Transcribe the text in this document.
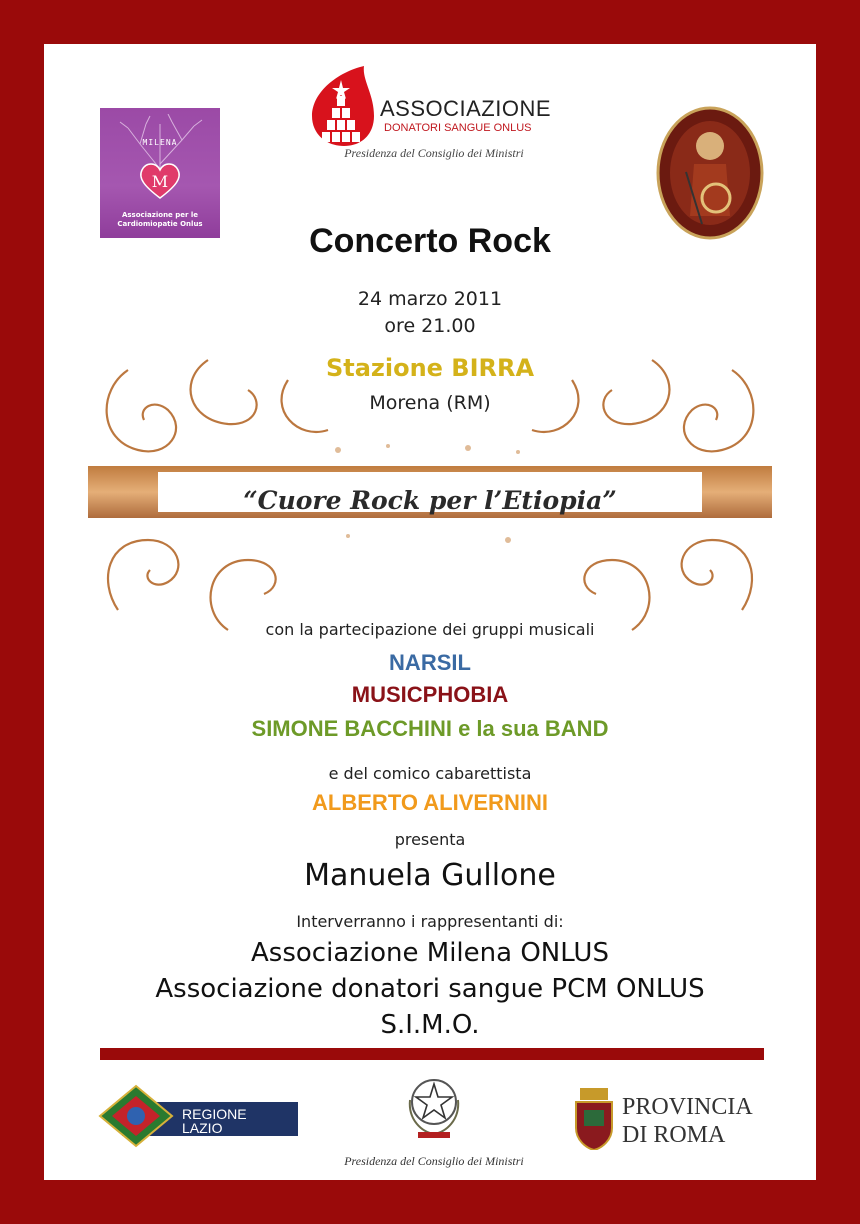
MILENA
M
Associazione per le
Cardiomiopatie Onlus
ASSOCIAZIONE
DONATORI SANGUE ONLUS
Presidenza del Consiglio dei Ministri
Concerto Rock
24 marzo 2011
ore 21.00
Stazione BIRRA
Morena (RM)
“Cuore Rock per l’Etiopia”
con la partecipazione dei gruppi musicali
NARSIL
MUSICPHOBIA
SIMONE BACCHINI e la sua BAND
e del comico cabarettista
ALBERTO ALIVERNINI
presenta
Manuela Gullone
Interverranno i rappresentanti di:
Associazione Milena ONLUS
Associazione donatori sangue PCM ONLUS
S.I.M.O.
REGIONE
LAZIO
Presidenza del Consiglio dei Ministri
PROVINCIA
DI ROMA
